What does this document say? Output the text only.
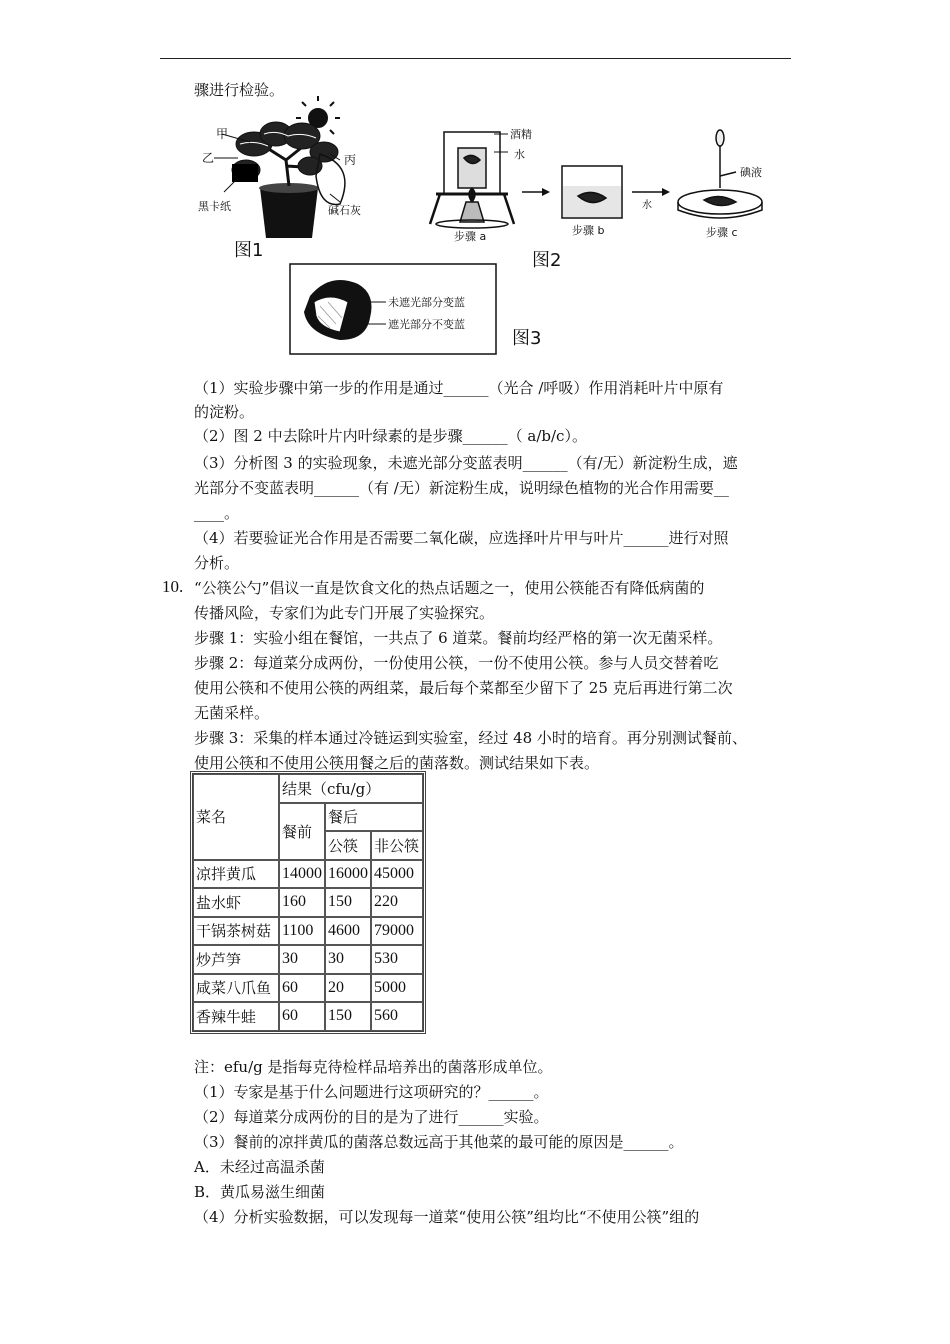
骤进行检验。
甲
乙	丙
黑卡纸	碱石灰
图1
酒精
水
步骤 a	步骤 b
水
碘液
步骤 c
图2
未遮光部分变蓝
遮光部分不变蓝
图3
（1）实验步骤中第一步的作用是通过______（光合 /呼吸）作用消耗叶片中原有
的淀粉。
（2）图 2 中去除叶片内叶绿素的是步骤______（ a/b/c）。
（3）分析图 3 的实验现象，未遮光部分变蓝表明______（有/无）新淀粉生成，遮
光部分不变蓝表明______（有 /无）新淀粉生成，说明绿色植物的光合作用需要__
____。
（4）若要验证光合作用是否需要二氧化碳，应选择叶片甲与叶片______进行对照
分析。
10. “公筷公勺”倡议一直是饮食文化的热点话题之一，使用公筷能否有降低病菌的
传播风险，专家们为此专门开展了实验探究。
步骤 1：实验小组在餐馆，一共点了 6 道菜。餐前均经严格的第一次无菌采样。
步骤 2：每道菜分成两份，一份使用公筷，一份不使用公筷。参与人员交替着吃
使用公筷和不使用公筷的两组菜，最后每个菜都至少留下了 25 克后再进行第二次
无菌采样。
步骤 3：采集的样本通过冷链运到实验室，经过 48 小时的培育。再分别测试餐前、
使用公筷和不使用公筷用餐之后的菌落数。测试结果如下表。
菜名	结果（cfu/g）		
	餐前	餐后	
		公筷	非公筷
凉拌黄瓜	14000	16000	45000
盐水虾	160	150	220
干锅茶树菇	1100	4600	79000
炒芦笋	30	30	530
咸菜八爪鱼	60	20	5000
香辣牛蛙	60	150	560
注：efu/g 是指每克待检样品培养出的菌落形成单位。
（1）专家是基于什么问题进行这项研究的？______。
（2）每道菜分成两份的目的是为了进行______实验。
（3）餐前的凉拌黄瓜的菌落总数远高于其他菜的最可能的原因是______。
A．未经过高温杀菌
B．黄瓜易滋生细菌
（4）分析实验数据，可以发现每一道菜“使用公筷”组均比“不使用公筷”组的
